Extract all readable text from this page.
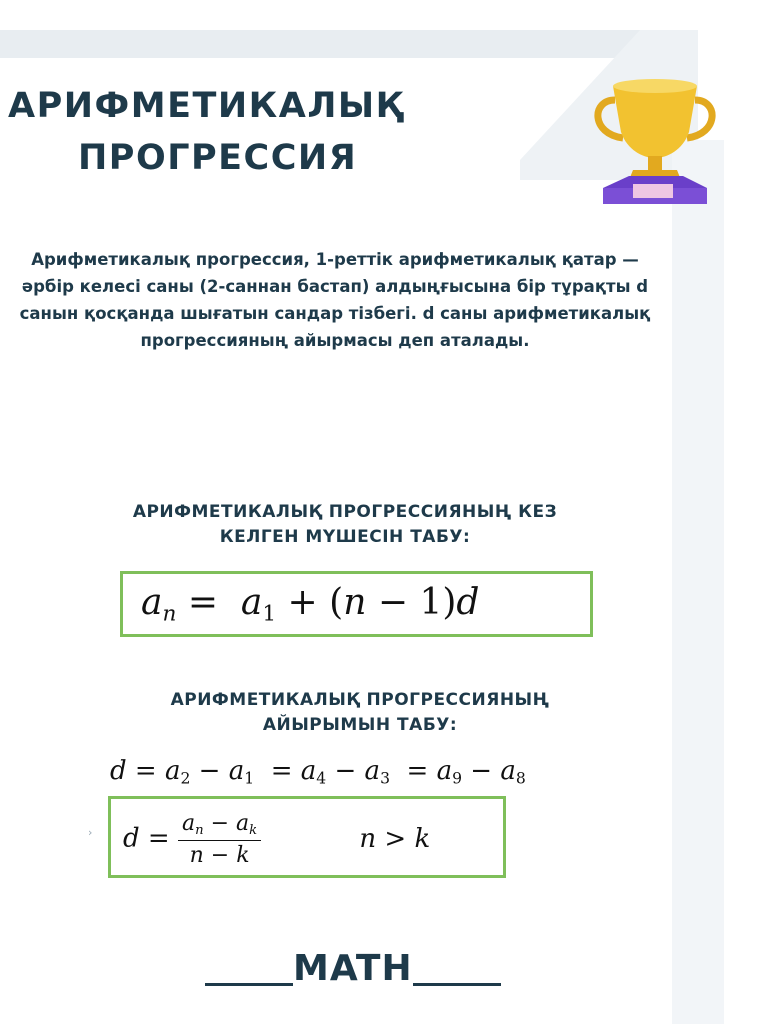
АРИФМЕТИКАЛЫҚ
ПРОГРЕССИЯ

Арифметикалық прогрессия, 1-реттік арифметикалық қатар — әрбір келесі саны (2-саннан бастап) алдыңғысына бір тұрақты d санын қосқанда шығатын сандар тізбегі. d саны арифметикалық прогрессияның айырмасы деп аталады.

АРИФМЕТИКАЛЫҚ ПРОГРЕССИЯНЫҢ КЕЗ
КЕЛГЕН МҮШЕСІН ТАБУ:

$a_n = a_1 + (n - 1)d$

АРИФМЕТИКАЛЫҚ ПРОГРЕССИЯНЫҢ
АЙЫРЫМЫН ТАБУ:

$d = a_2 - a_1 = a_4 - a_3 = a_9 - a_8$
› $d = \frac{a_n - a_k}{n - k}$	n > k
MATH
